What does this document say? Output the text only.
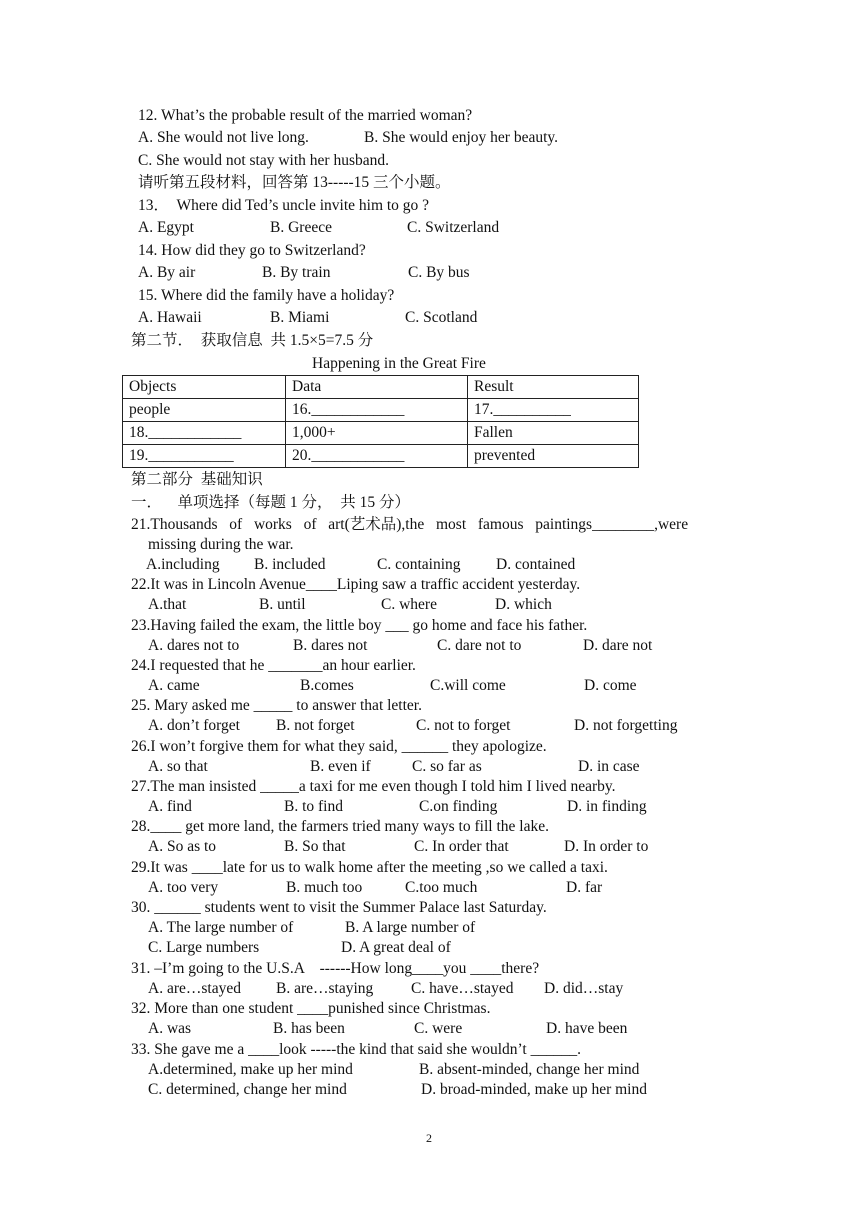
12. What’s the probable result of the married woman?
A. She would not live long.	B. She would enjoy her beauty.
C. She would not stay with her husband.
请听第五段材料，回答第 13-----15 三个小题。
13．  Where did Ted’s uncle invite him to go ?
A. Egypt	B. Greece	C. Switzerland
14. How did they go to Switzerland?
A. By air	B. By train	C. By bus
15. Where did the family have a holiday?
A. Hawaii	B. Miami	C. Scotland
第二节．  获取信息  共 1.5×5=7.5 分
Happening in the Great Fire
Objects	Data	Result
people	16.____________	17.__________
18.____________	1,000+	Fallen
19.___________	20.____________	prevented
第二部分  基础知识
一．    单项选择（每题 1 分，  共 15 分）
21.Thousands  of  works  of  art(艺术品),the  most  famous  paintings________,were
missing during the war.
A.including B. included	C. containing D. contained
22.It was in Lincoln Avenue____Liping saw a traffic accident yesterday.
A.that	B. until	C. where	D. which
23.Having failed the exam, the little boy ___ go home and face his father.
A. dares not to	B. dares not	C. dare not to	D. dare not
24.I requested that he _______an hour earlier.
A. came	B.comes	C.will come	D. come
25. Mary asked me _____ to answer that letter.
A. don’t forget B. not forget	C. not to forget	D. not forgetting
26.I won’t forgive them for what they said, ______ they apologize.
A. so that	B. even if	C. so far as	D. in case
27.The man insisted _____a taxi for me even though I told him I lived nearby.
A. find	B. to find	C.on finding	D. in finding
28.____ get more land, the farmers tried many ways to fill the lake.
A. So as to	B. So that	C. In order that	D. In order to
29.It was ____late for us to walk home after the meeting ,so we called a taxi.
A. too very	B. much too	C.too much	D. far
30. ______ students went to visit the Summer Palace last Saturday.
A. The large number of	B. A large number of
C. Large numbers	D. A great deal of
31. –I’m going to the U.S.A    ------How long____you ____there?
A. are…stayed B. are…staying C. have…stayed D. did…stay
32. More than one student ____punished since Christmas.
A. was	B. has been	C. were	D. have been
33. She gave me a ____look -----the kind that said she wouldn’t ______.
A.determined, make up her mind	B. absent-minded, change her mind
C. determined, change her mind	D. broad-minded, make up her mind
2
